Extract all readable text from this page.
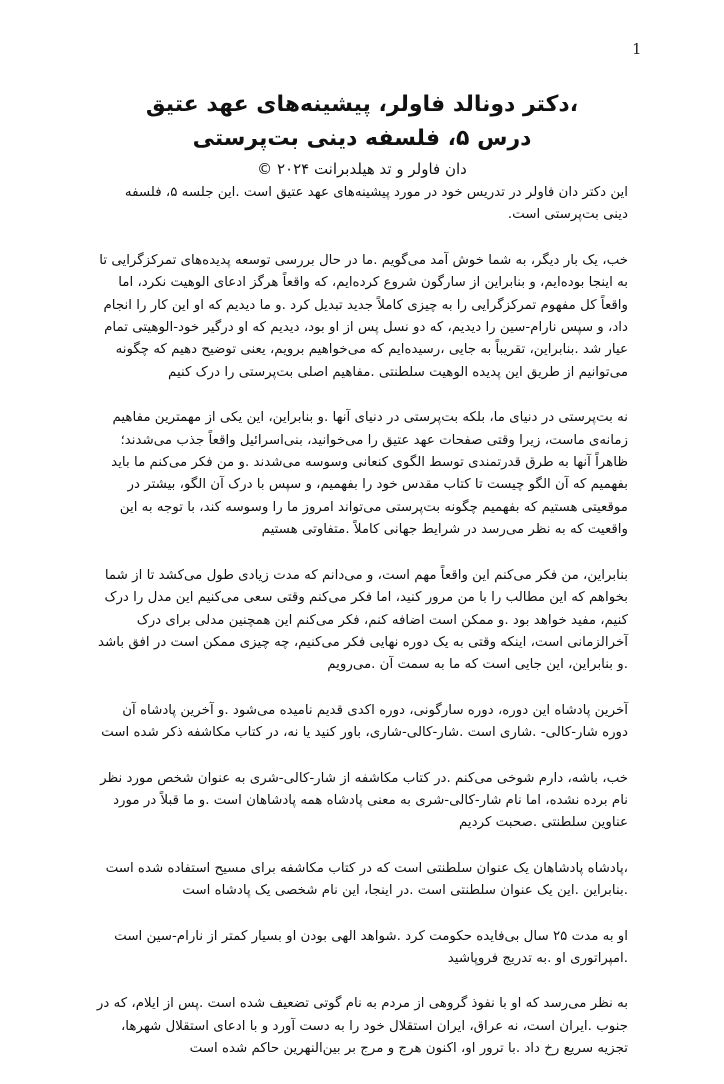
1

،دکتر دونالد فاولر، پیشینه‌های عهد عتیق

درس ۵، فلسفه دینی بت‌پرستی

دان فاولر و تد هیلدبرانت ۲۰۲۴ ©

این دکتر دان فاولر در تدریس خود در مورد پیشینه‌های عهد عتیق است .این جلسه ۵، فلسفه دینی بت‌پرستی است.

خب، یک بار دیگر، به شما خوش آمد می‌گویم .ما در حال بررسی توسعه پدیده‌های تمرکزگرایی تا به اینجا بوده‌ایم، و بنابراین از سارگون شروع کرده‌ایم، که واقعاً هرگز ادعای الوهیت نکرد، اما واقعاً کل مفهوم تمرکزگرایی را به چیزی کاملاً جدید تبدیل کرد .و ما دیدیم که او این کار را انجام داد، و سپس نارام-سین را دیدیم، که دو نسل پس از او بود، دیدیم که او درگیر خود-الوهیتی تمام عیار شد .بنابراین، تقریباً به جایی ،رسیده‌ایم که می‌خواهیم برویم، یعنی توضیح دهیم که چگونه می‌توانیم از طریق این پدیده الوهیت سلطنتی .مفاهیم اصلی بت‌پرستی را درک کنیم

نه بت‌پرستی در دنیای ما، بلکه بت‌پرستی در دنیای آنها .و بنابراین، این یکی از مهمترین مفاهیم زمانه‌ی ماست، زیرا وقتی صفحات عهد عتیق را می‌خوانید، بنی‌اسرائیل واقعاً جذب می‌شدند؛ ظاهراً آنها به طرق قدرتمندی توسط الگوی کنعانی وسوسه می‌شدند .و من فکر می‌کنم ما باید بفهمیم که آن الگو چیست تا کتاب مقدس خود را بفهمیم، و سپس با درک آن الگو، بیشتر در موقعیتی هستیم که بفهمیم چگونه بت‌پرستی می‌تواند امروز ما را وسوسه کند، با توجه به این واقعیت که به نظر می‌رسد در شرایط جهانی کاملاً .متفاوتی هستیم

بنابراین، من فکر می‌کنم این واقعاً مهم است، و می‌دانم که مدت زیادی طول می‌کشد تا از شما بخواهم که این مطالب را با من مرور کنید، اما فکر می‌کنم وقتی سعی می‌کنیم این مدل را درک کنیم، مفید خواهد بود .و ممکن است اضافه کنم، فکر می‌کنم این همچنین مدلی برای درک آخرالزمانی است، اینکه وقتی به یک دوره نهایی فکر می‌کنیم، چه چیزی ممکن است در افق باشد .و بنابراین، این جایی است که ما به سمت آن .می‌رویم

آخرین پادشاه این دوره، دوره سارگونی، دوره اکدی قدیم نامیده می‌شود .و آخرین پادشاه آن دوره شار-کالی- .شاری است .شار-کالی-شاری، باور کنید یا نه، در کتاب مکاشفه ذکر شده است

خب، باشه، دارم شوخی می‌کنم .در کتاب مکاشفه از شار-کالی-شری به عنوان شخص مورد نظر نام برده نشده، اما نام شار-کالی-شری به معنی پادشاه همه پادشاهان است .و ما قبلاً در مورد عناوین سلطنتی .صحبت کردیم

،پادشاه پادشاهان یک عنوان سلطنتی است که در کتاب مکاشفه برای مسیح استفاده شده است .بنابراین .این یک عنوان سلطنتی است .در اینجا، این نام شخصی یک پادشاه است

او به مدت ۲۵ سال بی‌فایده حکومت کرد .شواهد الهی بودن او بسیار کمتر از نارام-سین است .امپراتوری او .به تدریج فروپاشید

به نظر می‌رسد که او با نفوذ گروهی از مردم به نام گوتی تضعیف شده است .پس از ایلام، که در جنوب .ایران است، نه عراق، ایران استقلال خود را به دست آورد و با ادعای استقلال شهرها، تجزیه سریع رخ داد .با ترور او، اکنون هرج و مرج بر بین‌النهرین حاکم شده است
